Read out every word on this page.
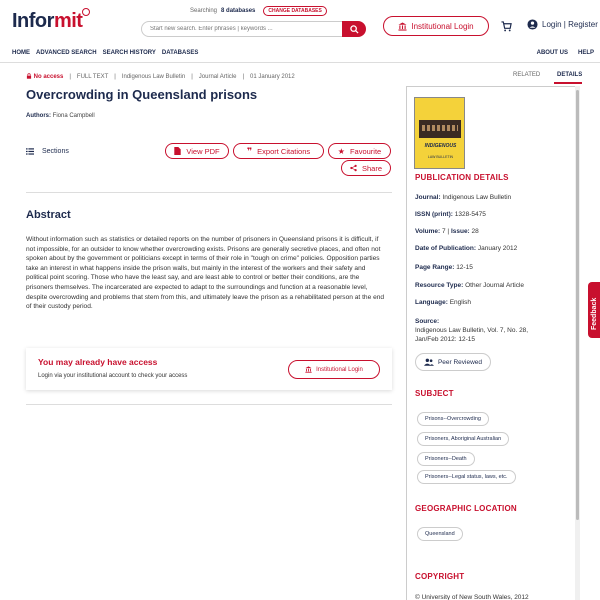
Informit	Searching 8 databases	CHANGE DATABASES
Start new search. Enter phrases | keywords ...
Institutional Login	Login | Register
HOME ADVANCED SEARCH SEARCH HISTORY DATABASES	ABOUT US HELP
No access | FULL TEXT | Indigenous Law Bulletin | Journal Article | 01 January 2012
Overcrowding in Queensland prisons
Authors: Fiona Campbell
Sections	View PDF	❞ Export Citations	★ Favourite
Share
Abstract
Without information such as statistics or detailed reports on the number of prisoners in Queensland prisons it is difficult, if not impossible, for an outsider to know whether overcrowding exists. Prisons are generally secretive places, and often not spoken about by the government or politicians except in terms of their role in "tough on crime" policies. Opposition parties take an interest in what happens inside the prison walls, but mainly in the interest of the workers and their safety and political point scoring. Those who have the least say, and are least able to control or better their conditions, are the prisoners themselves. The incarcerated are expected to adapt to the surroundings and function at a reasonable level, despite overcrowding and problems that stem from this, and ultimately leave the prison as a rehabilitated person at the end of their custody period.
You may already have access
Login via your institutional account to check your access
Institutional Login
RELATED	DETAILS
INDIGENOUS
LAW BULLETIN
PUBLICATION DETAILS
Journal: Indigenous Law Bulletin
ISSN (print): 1328-5475
Volume: 7 | Issue: 28
Date of Publication: January 2012
Page Range: 12-15
Resource Type: Other Journal Article
Language: English
Source:
Indigenous Law Bulletin, Vol. 7, No. 28,
Jan/Feb 2012: 12-15
Peer Reviewed
SUBJECT
Prisons--Overcrowding
Prisoners, Aboriginal Australian
Prisoners--Death
Prisoners--Legal status, laws, etc.
GEOGRAPHIC LOCATION
Queensland
COPYRIGHT
© University of New South Wales, 2012
Feedback
